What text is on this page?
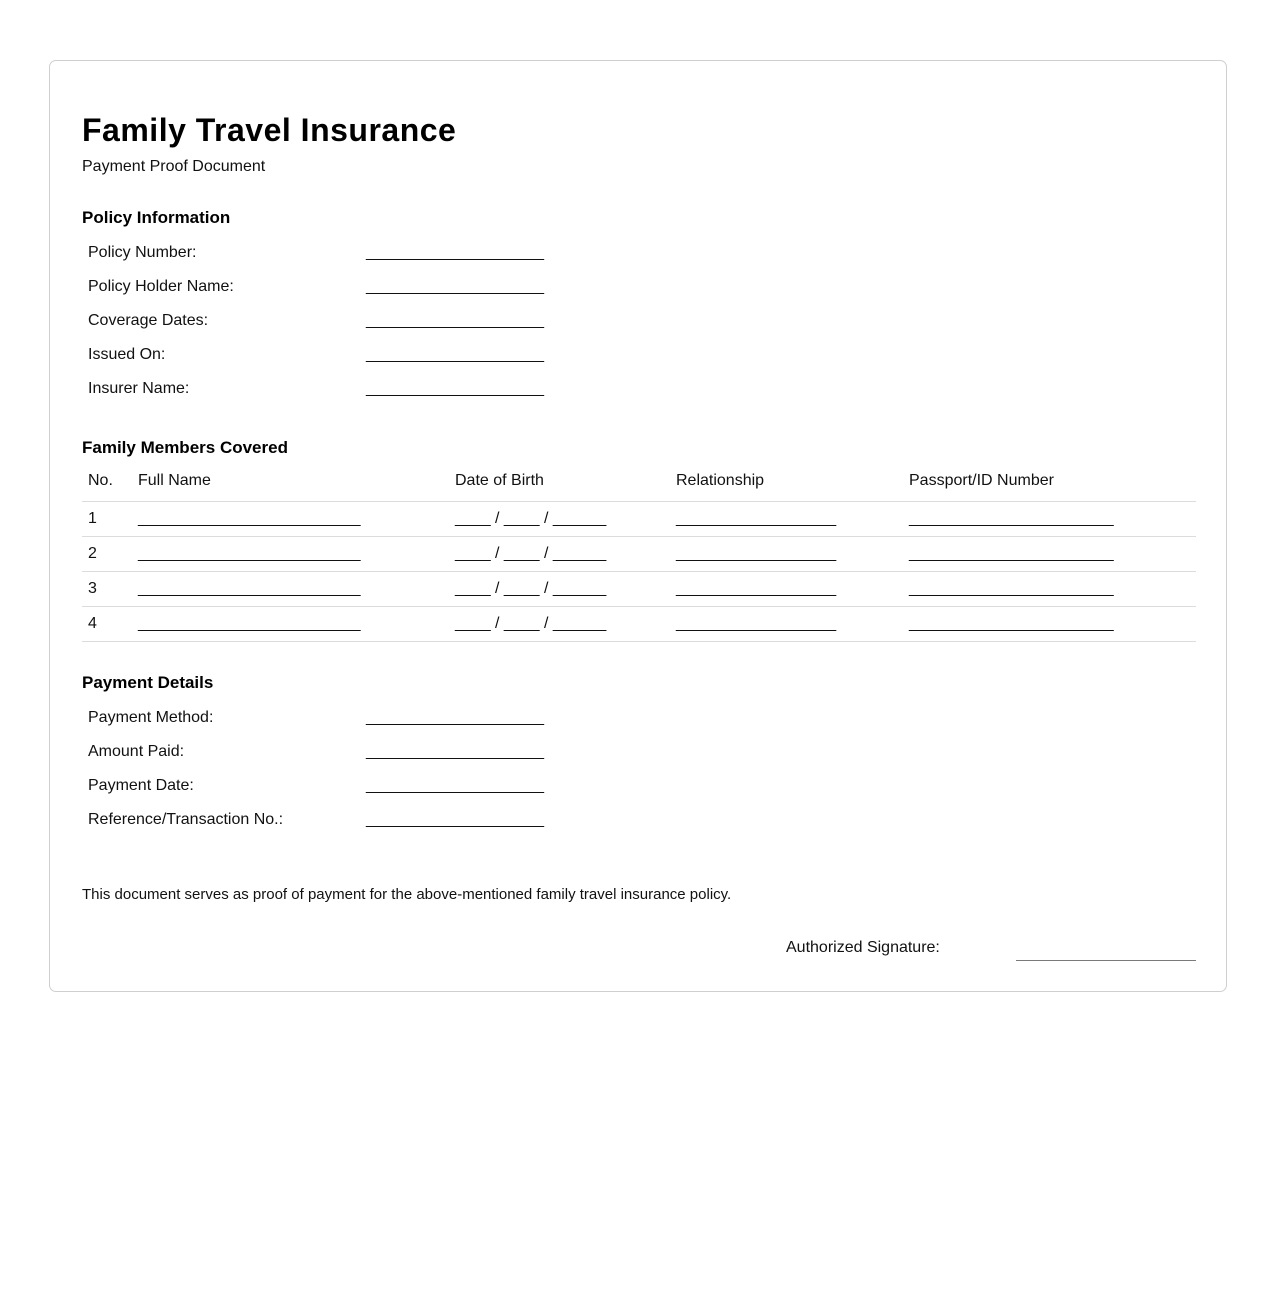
Family Travel Insurance
Payment Proof Document
Policy Information
Policy Number:	____________________
Policy Holder Name:	____________________
Coverage Dates:	____________________
Issued On:	____________________
Insurer Name:	____________________
Family Members Covered
No.	Full Name	Date of Birth	Relationship	Passport/ID Number
1	_________________________	____ / ____ / ______	__________________	_______________________
2	_________________________	____ / ____ / ______	__________________	_______________________
3	_________________________	____ / ____ / ______	__________________	_______________________
4	_________________________	____ / ____ / ______	__________________	_______________________
Payment Details
Payment Method:	____________________
Amount Paid:	____________________
Payment Date:	____________________
Reference/Transaction No.:	____________________
This document serves as proof of payment for the above-mentioned family travel insurance policy.
Authorized Signature:
